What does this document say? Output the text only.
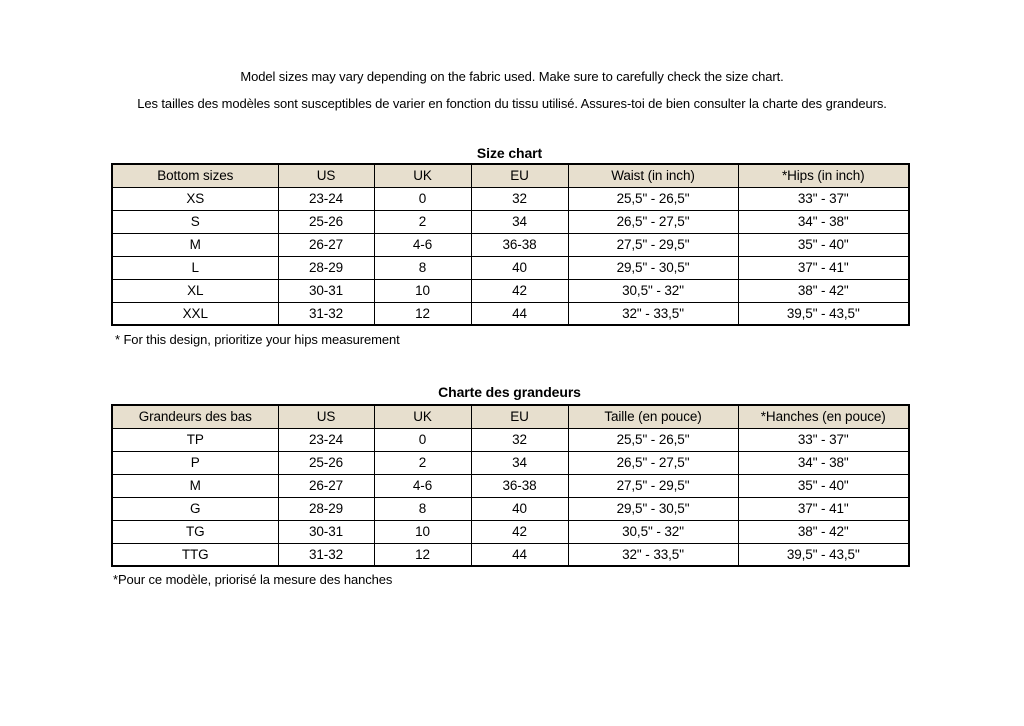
Model sizes may vary depending on the fabric used. Make sure to carefully check the size chart.
Les tailles des modèles sont susceptibles de varier en fonction du tissu utilisé. Assures-toi de bien consulter la charte des grandeurs.
Size chart
Bottom sizes	US	UK	EU	Waist (in inch)	*Hips (in inch)
XS	23-24	0	32	25,5" - 26,5"	33" - 37"
S	25-26	2	34	26,5" - 27,5"	34" - 38"
M	26-27	4-6	36-38	27,5" - 29,5"	35" - 40"
L	28-29	8	40	29,5" - 30,5"	37" - 41"
XL	30-31	10	42	30,5" - 32"	38" - 42"
XXL	31-32	12	44	32" - 33,5"	39,5" - 43,5"
* For this design, prioritize your hips measurement
Charte des grandeurs
Grandeurs des bas	US	UK	EU	Taille (en pouce)	*Hanches (en pouce)
TP	23-24	0	32	25,5" - 26,5"	33" - 37"
P	25-26	2	34	26,5" - 27,5"	34" - 38"
M	26-27	4-6	36-38	27,5" - 29,5"	35" - 40"
G	28-29	8	40	29,5" - 30,5"	37" - 41"
TG	30-31	10	42	30,5" - 32"	38" - 42"
TTG	31-32	12	44	32" - 33,5"	39,5" - 43,5"
*Pour ce modèle, priorisé la mesure des hanches
